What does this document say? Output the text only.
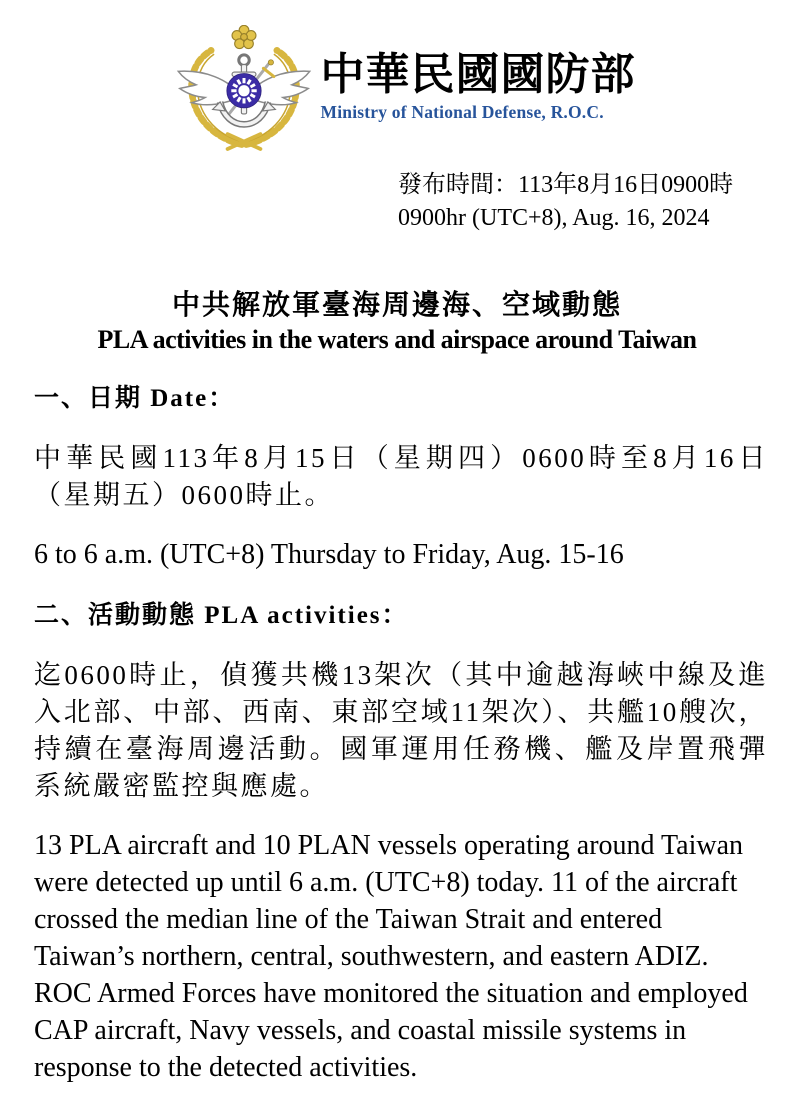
中華民國國防部
Ministry of National Defense, R.O.C.
發布時間：113年8月16日0900時
0900hr (UTC+8), Aug. 16, 2024
中共解放軍臺海周邊海、空域動態
PLA activities in the waters and airspace around Taiwan
一、日期 Date：
中華民國113年8月15日（星期四）0600時至8月16日（星期五）0600時止。
6 to 6 a.m. (UTC+8) Thursday to Friday, Aug. 15-16
二、活動動態 PLA activities：
迄0600時止，偵獲共機13架次（其中逾越海峽中線及進入北部、中部、西南、東部空域11架次）、共艦10艘次，持續在臺海周邊活動。國軍運用任務機、艦及岸置飛彈系統嚴密監控與應處。
13 PLA aircraft and 10 PLAN vessels operating around Taiwan were detected up until 6 a.m. (UTC+8) today. 11 of the aircraft crossed the median line of the Taiwan Strait and entered Taiwan’s northern, central, southwestern, and eastern ADIZ. ROC Armed Forces have monitored the situation and employed CAP aircraft, Navy vessels, and coastal missile systems in response to the detected activities.
